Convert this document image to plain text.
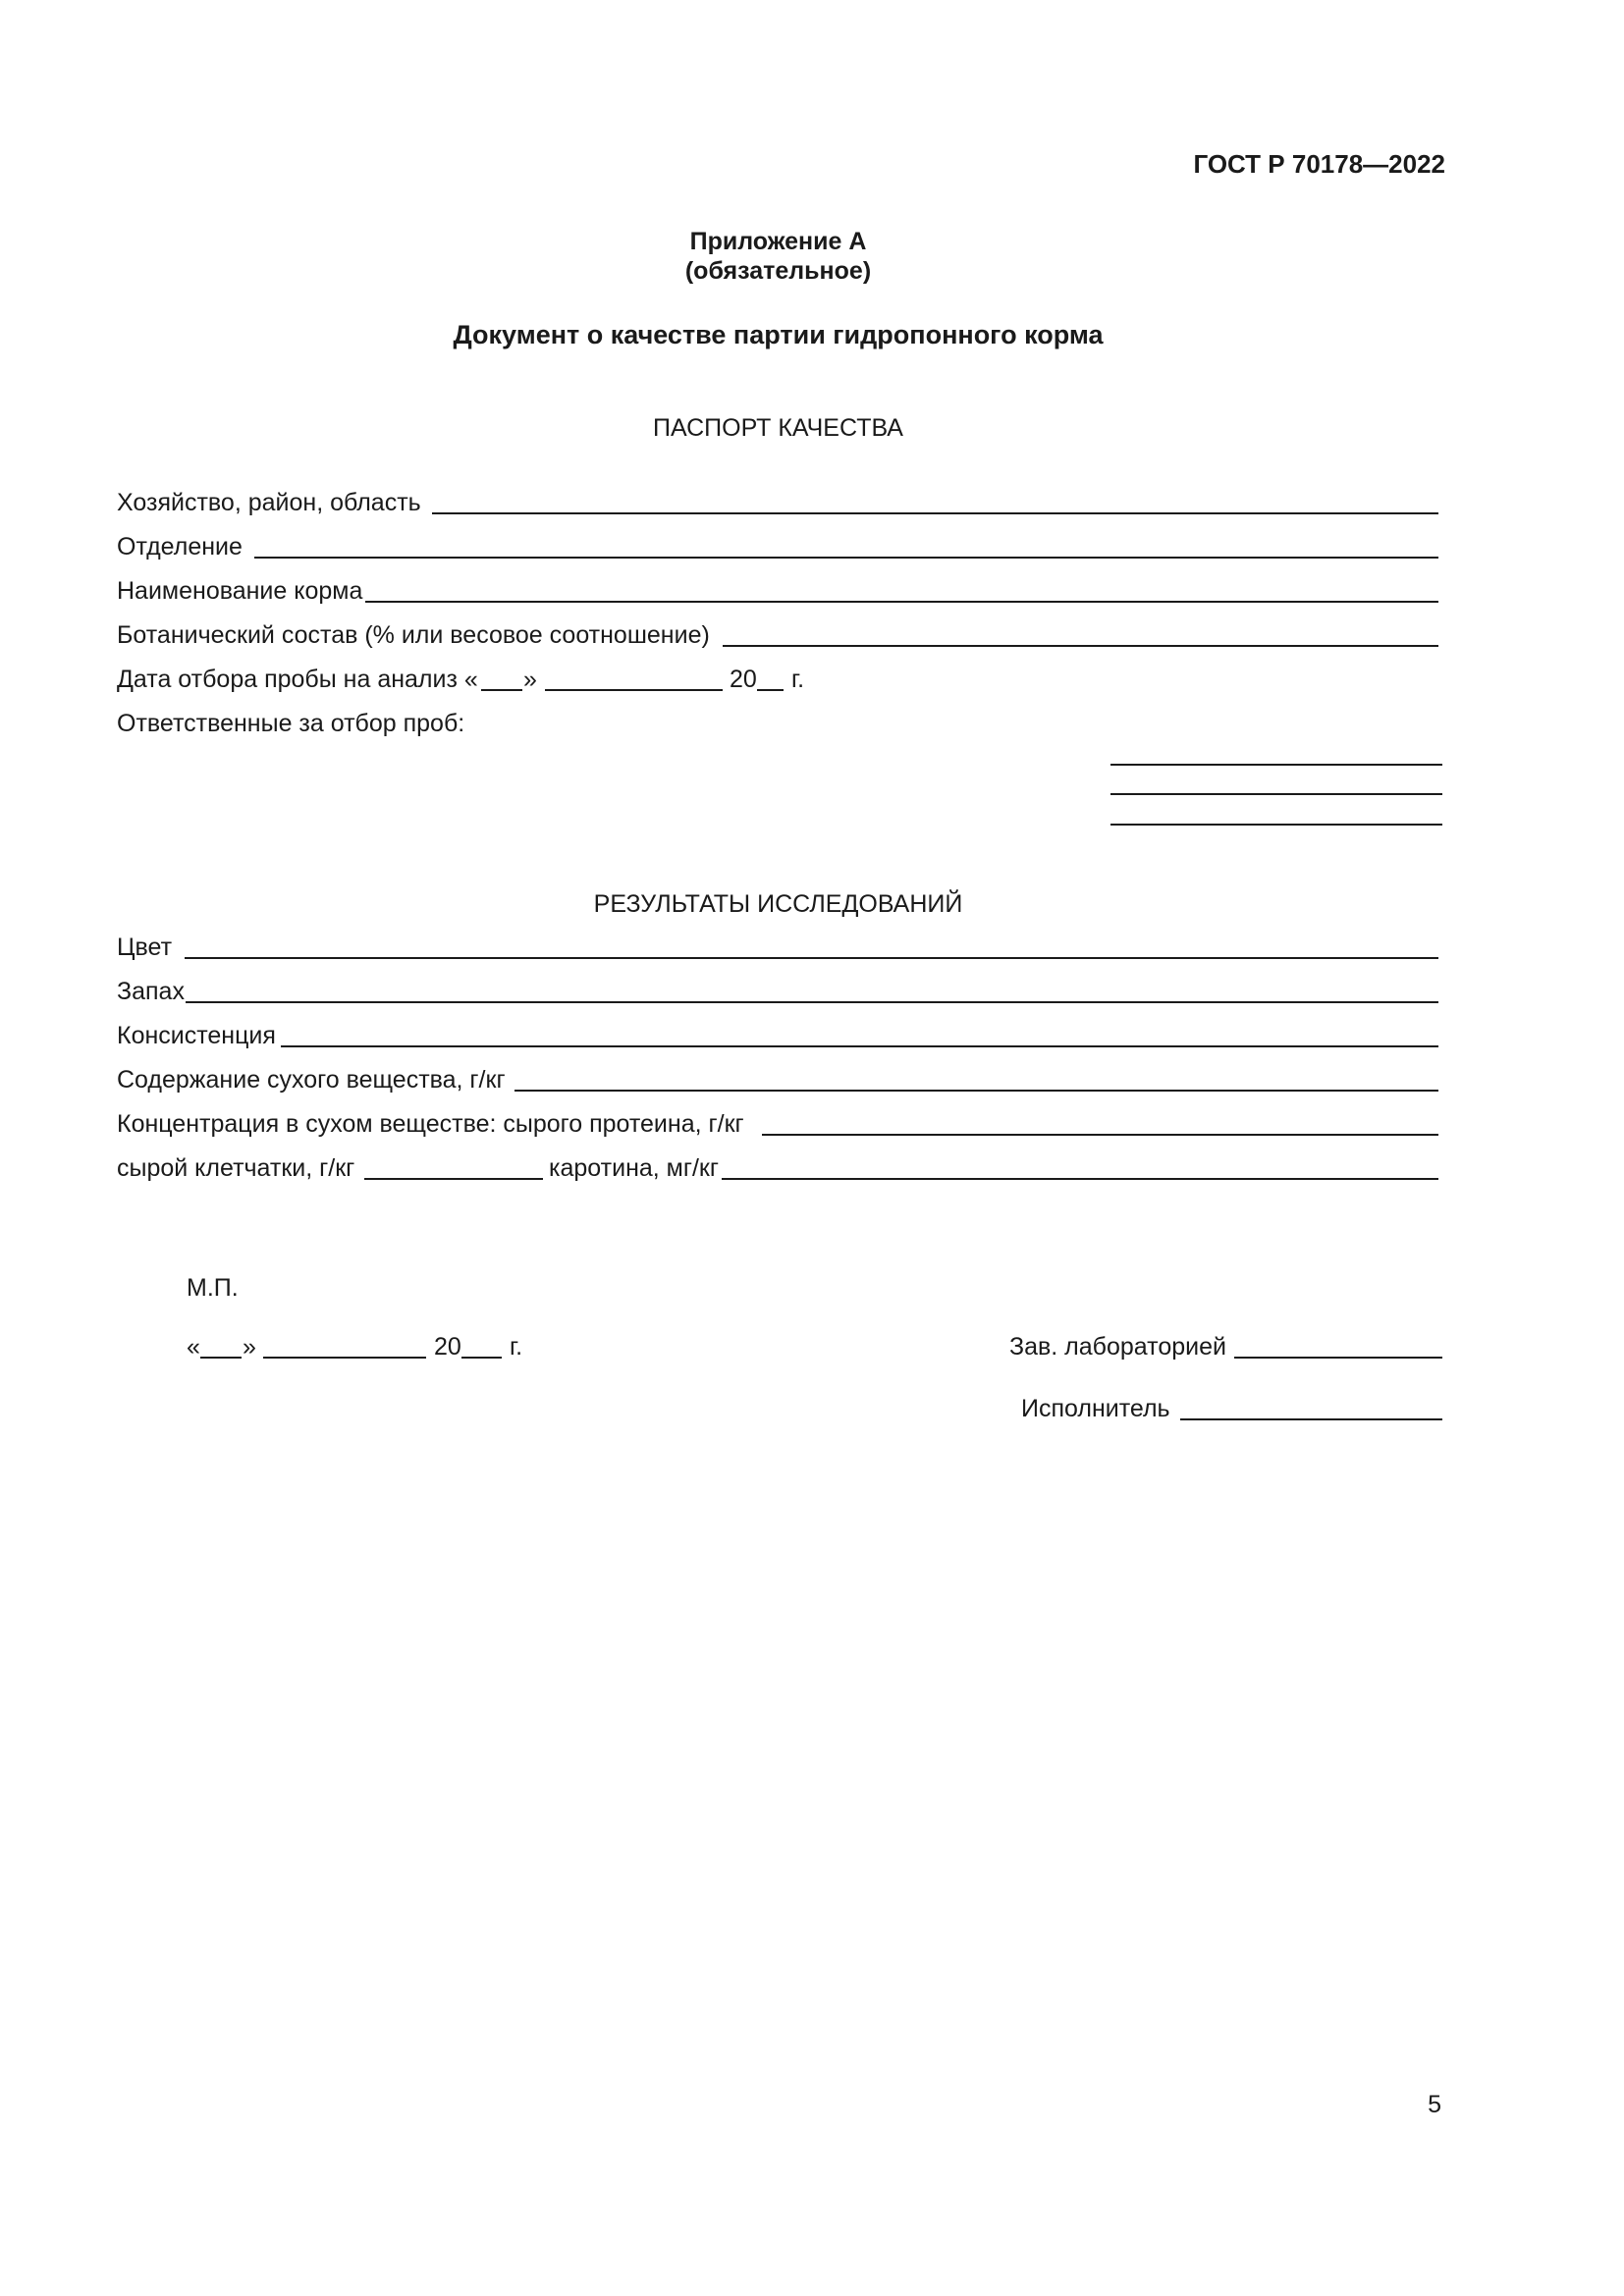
ГОСТ Р 70178—2022
Приложение А
(обязательное)
Документ о качестве партии гидропонного корма
ПАСПОРТ КАЧЕСТВА
Хозяйство, район, область
Отделение
Наименование корма
Ботанический состав (% или весовое соотношение)
Дата отбора пробы на анализ « »	20 г.
Ответственные за отбор проб:
РЕЗУЛЬТАТЫ ИССЛЕДОВАНИЙ
Цвет
Запах
Консистенция
Содержание сухого вещества, г/кг
Концентрация в сухом веществе: сырого протеина, г/кг
сырой клетчатки, г/кг	каротина, мг/кг
М.П.
« »	20 г.	Зав. лабораторией
Исполнитель
5
